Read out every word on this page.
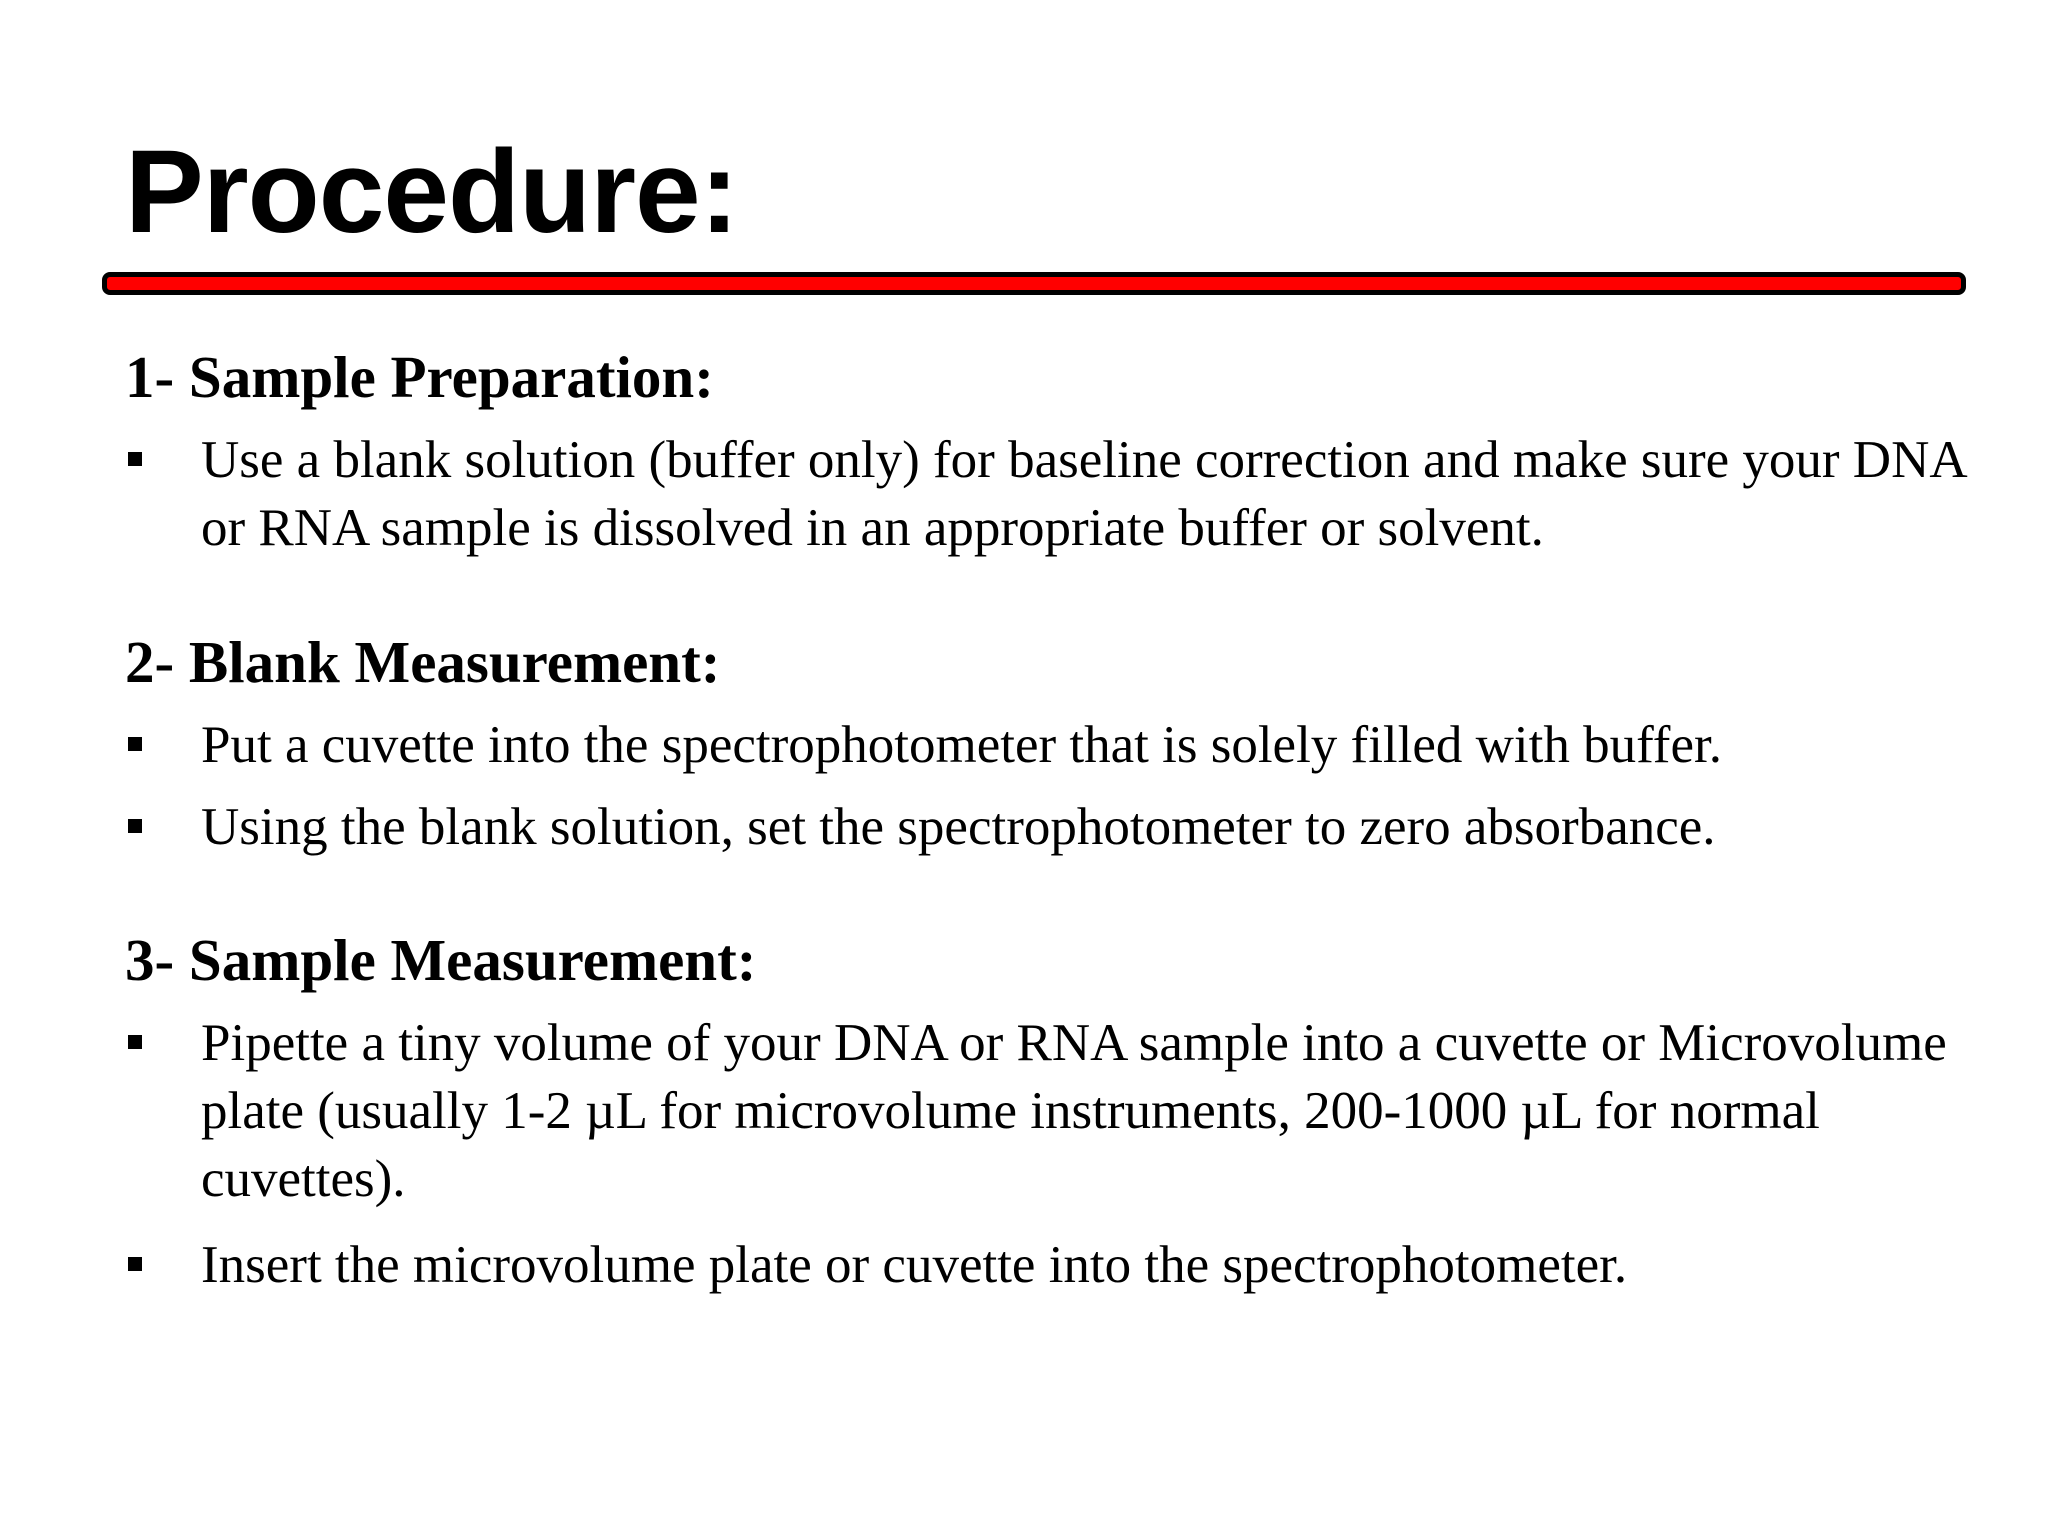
Procedure:
1- Sample Preparation:
Use a blank solution (buffer only) for baseline correction and make sure your DNA or RNA sample is dissolved in an appropriate buffer or solvent.
2- Blank Measurement:
Put a cuvette into the spectrophotometer that is solely filled with buffer.
Using the blank solution, set the spectrophotometer to zero absorbance.
3- Sample Measurement:
Pipette a tiny volume of your DNA or RNA sample into a cuvette or Microvolume plate (usually 1-2 µL for microvolume instruments, 200-1000 µL for normal cuvettes).
Insert the microvolume plate or cuvette into the spectrophotometer.
